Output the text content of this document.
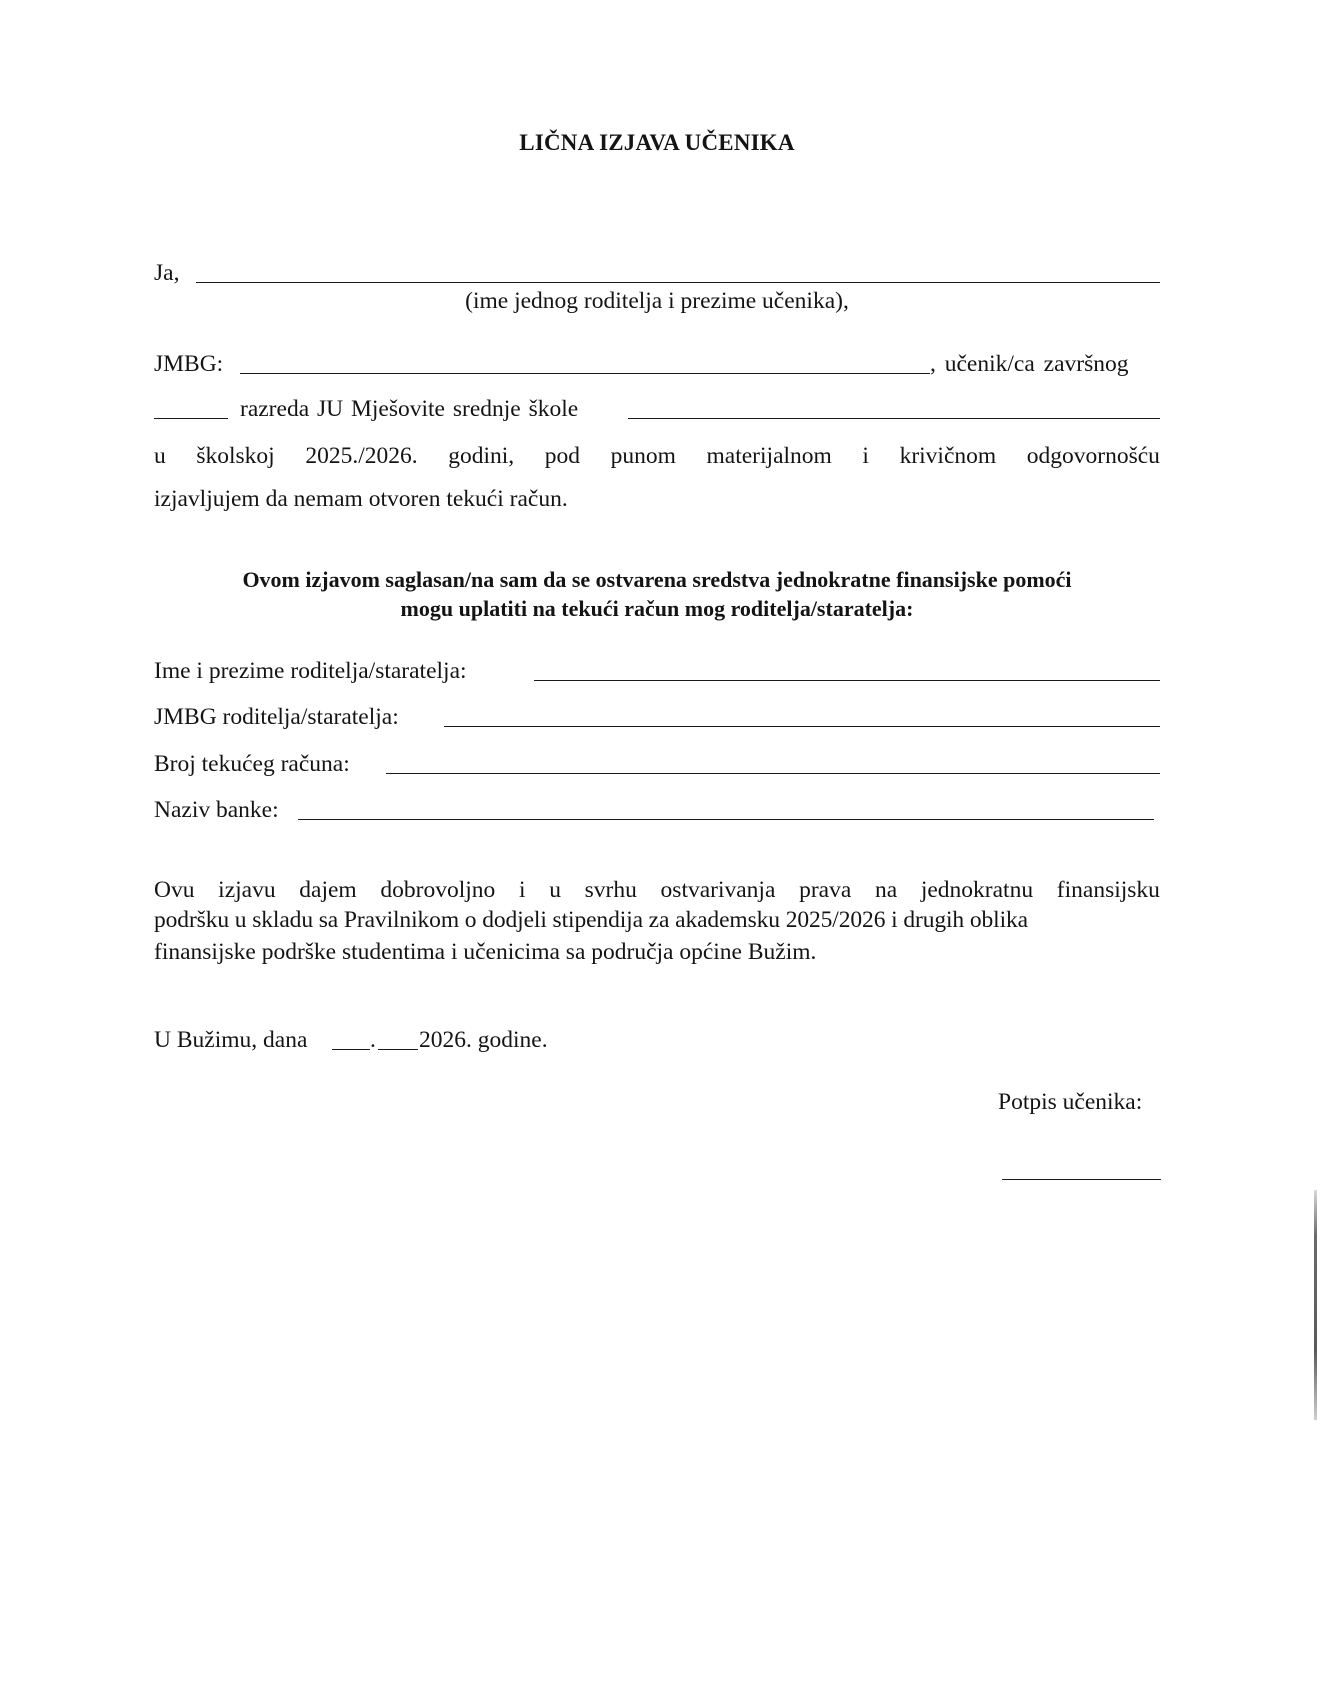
LIČNA IZJAVA UČENIKA
Ja,
(ime jednog roditelja i prezime učenika),
JMBG:	, učenik/ca završnog
razreda JU Mješovite srednje škole
u školskoj 2025./2026. godini, pod punom materijalnom i krivičnom odgovornošću
izjavljujem da nemam otvoren tekući račun.
Ovom izjavom saglasan/na sam da se ostvarena sredstva jednokratne finansijske pomoći
mogu uplatiti na tekući račun mog roditelja/staratelja:
Ime i prezime roditelja/staratelja:
JMBG roditelja/staratelja:
Broj tekućeg računa:
Naziv banke:
Ovu izjavu dajem dobrovoljno i u svrhu ostvarivanja prava na jednokratnu finansijsku
podršku u skladu sa Pravilnikom o dodjeli stipendija za akademsku 2025/2026 i drugih oblika
finansijske podrške studentima i učenicima sa područja općine Bužim.
U Bužimu, dana	. 2026. godine.
Potpis učenika:
